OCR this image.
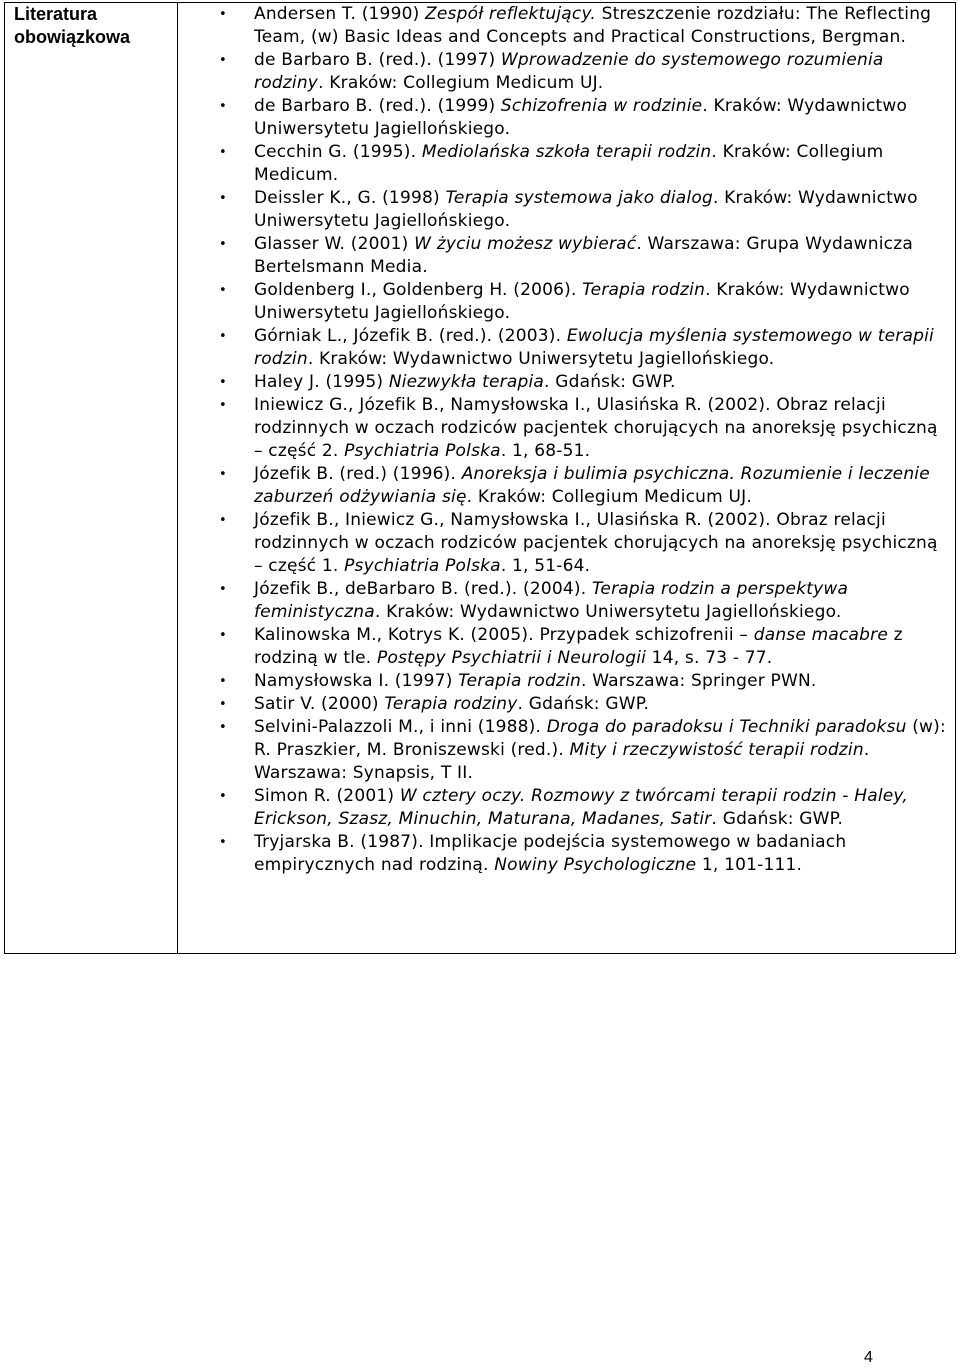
Literatura
obowiązkowa
• Andersen T. (1990) Zespół reflektujący. Streszczenie rozdziału: The Reflecting Team, (w) Basic Ideas and Concepts and Practical Constructions, Bergman.
• de Barbaro B. (red.). (1997) Wprowadzenie do systemowego rozumienia rodziny. Kraków: Collegium Medicum UJ.
• de Barbaro B. (red.). (1999) Schizofrenia w rodzinie. Kraków: Wydawnictwo Uniwersytetu Jagiellońskiego.
• Cecchin G. (1995). Mediolańska szkoła terapii rodzin. Kraków: Collegium Medicum.
• Deissler K., G. (1998) Terapia systemowa jako dialog. Kraków: Wydawnictwo Uniwersytetu Jagiellońskiego.
• Glasser W. (2001) W życiu możesz wybierać. Warszawa: Grupa Wydawnicza Bertelsmann Media.
• Goldenberg I., Goldenberg H. (2006). Terapia rodzin. Kraków: Wydawnictwo Uniwersytetu Jagiellońskiego.
• Górniak L., Józefik B. (red.). (2003). Ewolucja myślenia systemowego w terapii rodzin. Kraków: Wydawnictwo Uniwersytetu Jagiellońskiego.
• Haley J. (1995) Niezwykła terapia. Gdańsk: GWP.
• Iniewicz G., Józefik B., Namysłowska I., Ulasińska R. (2002). Obraz relacji rodzinnych w oczach rodziców pacjentek chorujących na anoreksję psychiczną – część 2. Psychiatria Polska. 1, 68-51.
• Józefik B. (red.) (1996). Anoreksja i bulimia psychiczna. Rozumienie i leczenie zaburzeń odżywiania się. Kraków: Collegium Medicum UJ.
• Józefik B., Iniewicz G., Namysłowska I., Ulasińska R. (2002). Obraz relacji rodzinnych w oczach rodziców pacjentek chorujących na anoreksję psychiczną – część 1. Psychiatria Polska. 1, 51-64.
• Józefik B., deBarbaro B. (red.). (2004). Terapia rodzin a perspektywa feministyczna. Kraków: Wydawnictwo Uniwersytetu Jagiellońskiego.
• Kalinowska M., Kotrys K. (2005). Przypadek schizofrenii – danse macabre z rodziną w tle. Postępy Psychiatrii i Neurologii 14, s. 73 - 77.
• Namysłowska I. (1997) Terapia rodzin. Warszawa: Springer PWN.
• Satir V. (2000) Terapia rodziny. Gdańsk: GWP.
• Selvini-Palazzoli M., i inni (1988). Droga do paradoksu i Techniki paradoksu (w): R. Praszkier, M. Broniszewski (red.). Mity i rzeczywistość terapii rodzin. Warszawa: Synapsis, T II.
• Simon R. (2001) W cztery oczy. Rozmowy z twórcami terapii rodzin - Haley, Erickson, Szasz, Minuchin, Maturana, Madanes, Satir. Gdańsk: GWP.
• Tryjarska B. (1987). Implikacje podejścia systemowego w badaniach empirycznych nad rodziną. Nowiny Psychologiczne 1, 101-111.
4
